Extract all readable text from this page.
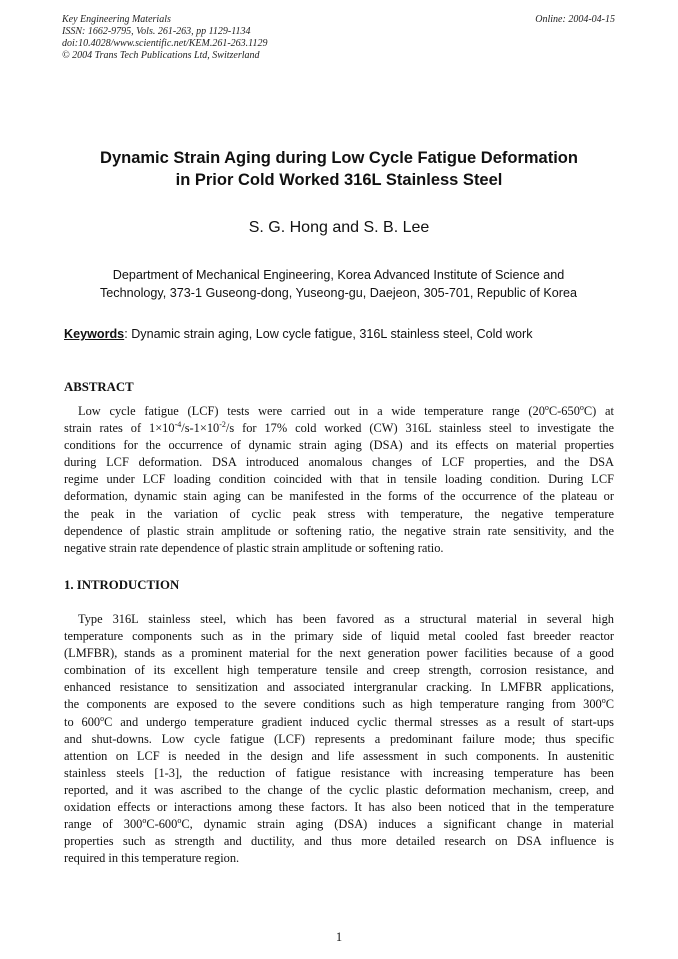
Key Engineering Materials
ISSN: 1662-9795, Vols. 261-263, pp 1129-1134
doi:10.4028/www.scientific.net/KEM.261-263.1129
© 2004 Trans Tech Publications Ltd, Switzerland
Online: 2004-04-15
Dynamic Strain Aging during Low Cycle Fatigue Deformation
in Prior Cold Worked 316L Stainless Steel
S. G. Hong and S. B. Lee
Department of Mechanical Engineering, Korea Advanced Institute of Science and
Technology, 373-1 Guseong-dong, Yuseong-gu, Daejeon, 305-701, Republic of Korea
Keywords: Dynamic strain aging, Low cycle fatigue, 316L stainless steel, Cold work
ABSTRACT
Low cycle fatigue (LCF) tests were carried out in a wide temperature range (20$^o$C-650$^o$C) at
strain rates of $1\times 10^{-4}/s-1\times 10^{-2}/s$ for 17% cold worked (CW) 316L stainless steel to investigate the
conditions for the occurrence of dynamic strain aging (DSA) and its effects on material properties
during LCF deformation. DSA introduced anomalous changes of LCF properties, and the DSA
regime under LCF loading condition coincided with that in tensile loading condition. During LCF
deformation, dynamic stain aging can be manifested in the forms of the occurrence of the plateau or
the peak in the variation of cyclic peak stress with temperature, the negative temperature
dependence of plastic strain amplitude or softening ratio, the negative strain rate sensitivity, and the
negative strain rate dependence of plastic strain amplitude or softening ratio.
1. INTRODUCTION
Type 316L stainless steel, which has been favored as a structural material in several high
temperature components such as in the primary side of liquid metal cooled fast breeder reactor
(LMFBR), stands as a prominent material for the next generation power facilities because of a good
combination of its excellent high temperature tensile and creep strength, corrosion resistance, and
enhanced resistance to sensitization and associated intergranular cracking. In LMFBR applications,
the components are exposed to the severe conditions such as high temperature ranging from 300$^o$C
to 600$^o$C and undergo temperature gradient induced cyclic thermal stresses as a result of start-ups
and shut-downs. Low cycle fatigue (LCF) represents a predominant failure mode; thus specific
attention on LCF is needed in the design and life assessment in such components. In austenitic
stainless steels [1-3], the reduction of fatigue resistance with increasing temperature has been
reported, and it was ascribed to the change of the cyclic plastic deformation mechanism, creep, and
oxidation effects or interactions among these factors. It has also been noticed that in the temperature
range of 300$^o$C-600$^o$C, dynamic strain aging (DSA) induces a significant change in material
properties such as strength and ductility, and thus more detailed research on DSA influence is
required in this temperature region.
1
